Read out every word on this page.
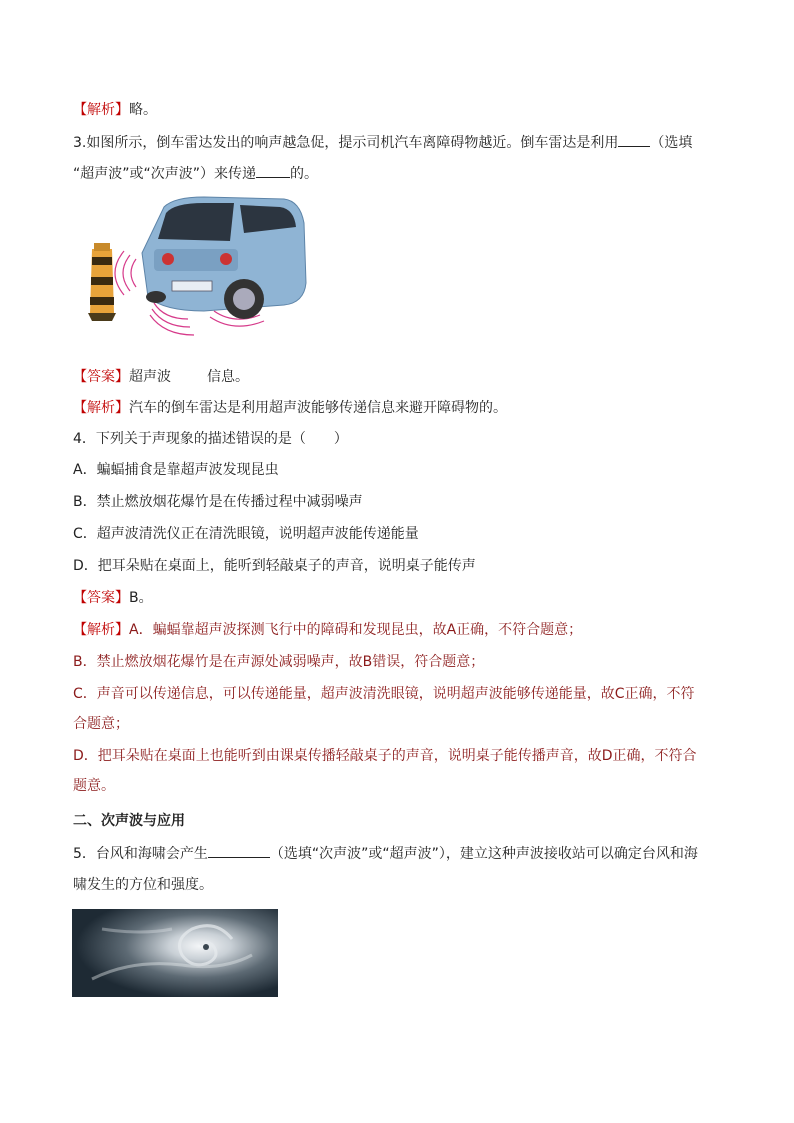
【解析】略。
3.如图所示，倒车雷达发出的响声越急促，提示司机汽车离障碍物越近。倒车雷达是利用 （选填
“超声波”或“次声波”）来传递 的。
【答案】超声波	信息。
【解析】汽车的倒车雷达是利用超声波能够传递信息来避开障碍物的。
4．下列关于声现象的描述错误的是（　　）
A．蝙蝠捕食是靠超声波发现昆虫
B．禁止燃放烟花爆竹是在传播过程中减弱噪声
C．超声波清洗仪正在清洗眼镜，说明超声波能传递能量
D．把耳朵贴在桌面上，能听到轻敲桌子的声音，说明桌子能传声
【答案】B。
【解析】A．蝙蝠靠超声波探测飞行中的障碍和发现昆虫，故A正确，不符合题意；
B．禁止燃放烟花爆竹是在声源处减弱噪声，故B错误，符合题意；
C．声音可以传递信息，可以传递能量，超声波清洗眼镜，说明超声波能够传递能量，故C正确，不符
合题意；
D．把耳朵贴在桌面上也能听到由课桌传播轻敲桌子的声音，说明桌子能传播声音，故D正确，不符合
题意。
二、次声波与应用
5．台风和海啸会产生	（选填“次声波”或“超声波”），建立这种声波接收站可以确定台风和海
啸发生的方位和强度。
